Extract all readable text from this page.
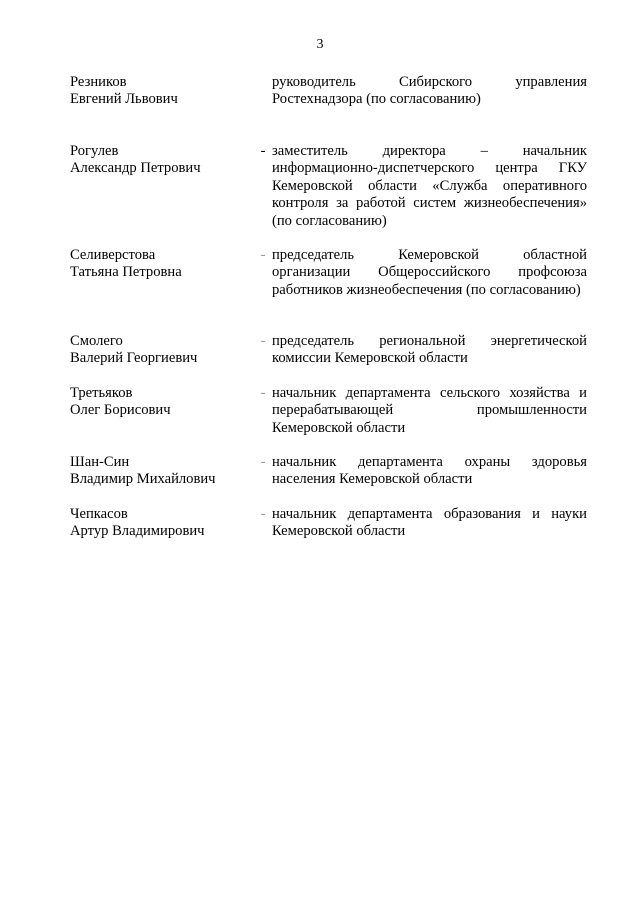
3
Резников
Евгений Львович
руководитель Сибирского управления Ростехнадзора (по согласованию)
Рогулев
Александр Петрович
- заместитель директора – начальник информационно-диспетчерского центра ГКУ Кемеровской области «Служба оперативного контроля за работой систем жизнеобеспечения» (по согласованию)
Селиверстова
Татьяна Петровна
- председатель Кемеровской областной организации Общероссийского профсоюза работников жизнеобеспечения (по согласованию)
Смолего
Валерий Георгиевич
- председатель региональной энергетической комиссии Кемеровской области
Третьяков
Олег Борисович
- начальник департамента сельского хозяйства и перерабатывающей промышленности Кемеровской области
Шан-Син
Владимир Михайлович
- начальник департамента охраны здоровья населения Кемеровской области
Чепкасов
Артур Владимирович
- начальник департамента образования и науки Кемеровской области
